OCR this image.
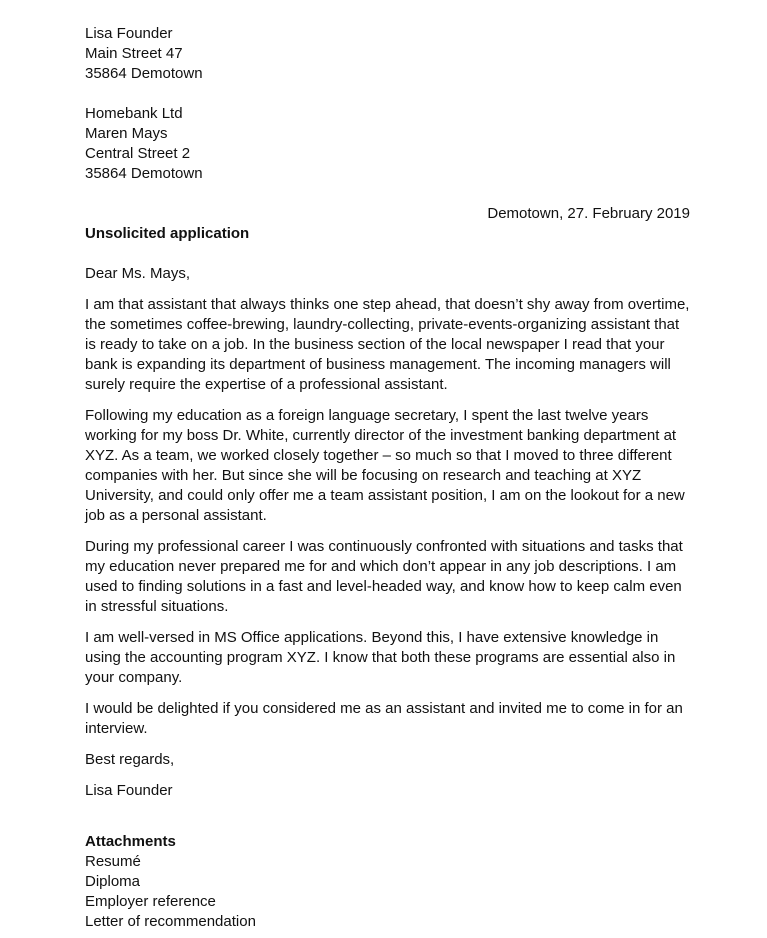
Lisa Founder
Main Street 47
35864 Demotown
Homebank Ltd
Maren Mays
Central Street 2
35864 Demotown
Demotown, 27. February 2019
Unsolicited application
Dear Ms. Mays,

I am that assistant that always thinks one step ahead, that doesn’t shy away from overtime, the sometimes coffee-brewing, laundry-collecting, private-events-organizing assistant that is ready to take on a job. In the business section of the local newspaper I read that your bank is expanding its department of business management. The incoming managers will surely require the expertise of a professional assistant.

Following my education as a foreign language secretary, I spent the last twelve years working for my boss Dr. White, currently director of the investment banking department at XYZ. As a team, we worked closely together – so much so that I moved to three different companies with her. But since she will be focusing on research and teaching at XYZ University, and could only offer me a team assistant position, I am on the lookout for a new job as a personal assistant.

During my professional career I was continuously confronted with situations and tasks that my education never prepared me for and which don’t appear in any job descriptions. I am used to finding solutions in a fast and level-headed way, and know how to keep calm even in stressful situations.

I am well-versed in MS Office applications. Beyond this, I have extensive knowledge in using the accounting program XYZ. I know that both these programs are essential also in your company.

I would be delighted if you considered me as an assistant and invited me to come in for an interview.

Best regards,
Lisa Founder
Attachments
Resumé
Diploma
Employer reference
Letter of recommendation
